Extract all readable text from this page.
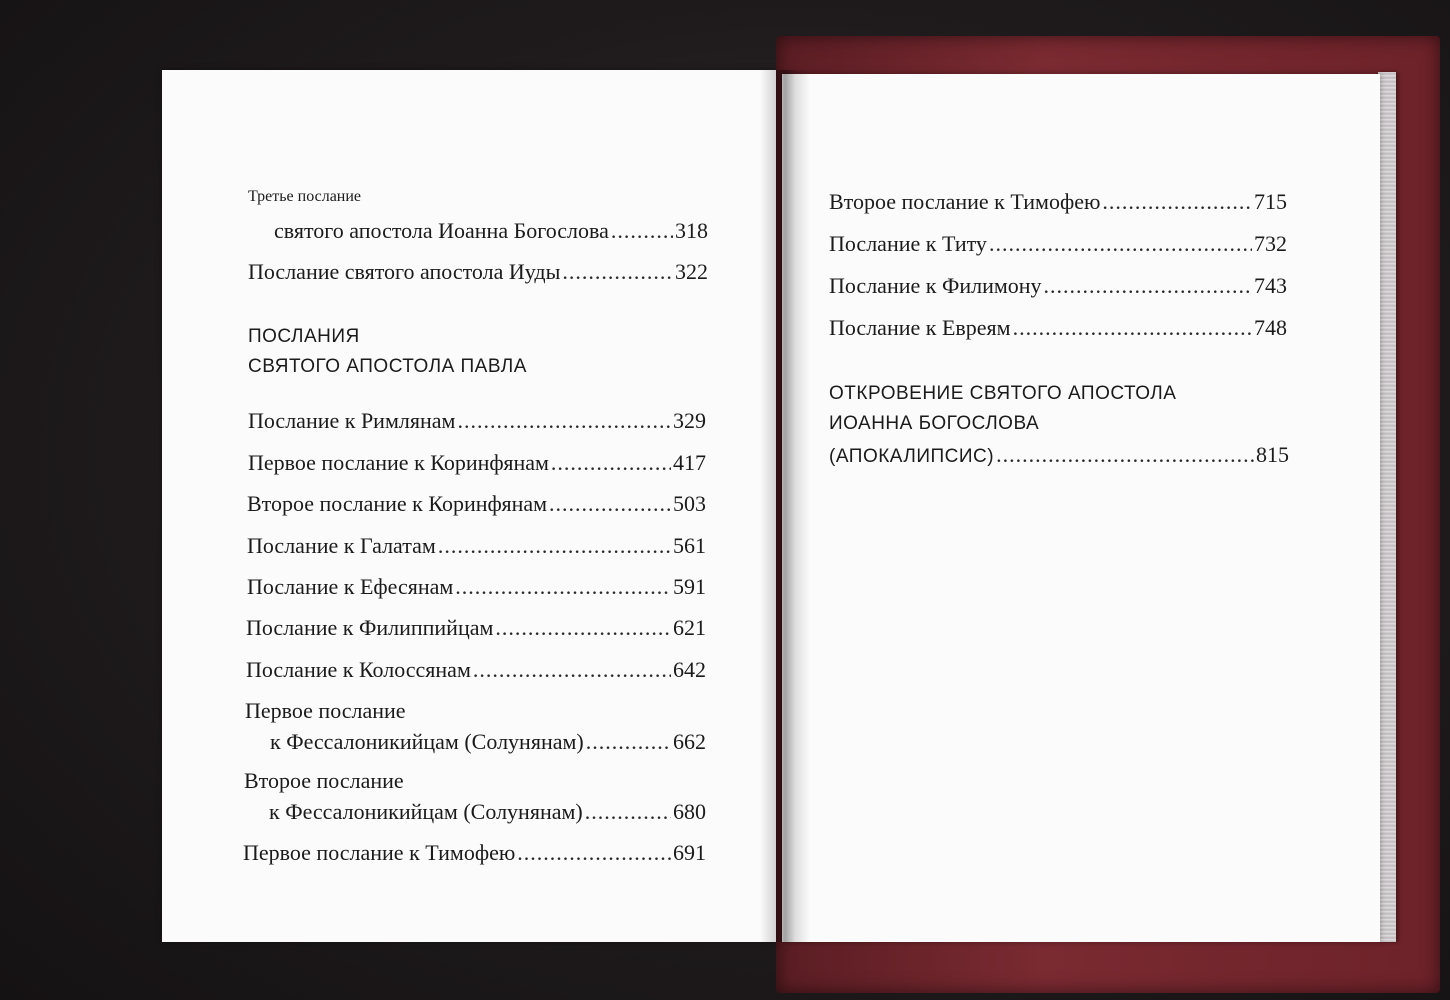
Третье послание
святого апостола Иоанна Богослова .....	318
Послание святого апостола Иуды .....	322
ПОСЛАНИЯ
СВЯТОГО АПОСТОЛА ПАВЛА
Послание к Римлянам .....	329
Первое послание к Коринфянам .....	417
Второе послание к Коринфянам .....	503
Послание к Галатам .....	561
Послание к Ефесянам .....	591
Послание к Филиппийцам .....	621
Послание к Колоссянам .....	642
Первое послание
к Фессалоникийцам (Солунянам) .....	662
Второе послание
к Фессалоникийцам (Солунянам) .....	680
Первое послание к Тимофею .....	691
Второе послание к Тимофею .....	715
Послание к Титу .....	732
Послание к Филимону .....	743
Послание к Евреям .....	748
ОТКРОВЕНИЕ СВЯТОГО АПОСТОЛА
ИОАННА БОГОСЛОВА
(АПОКАЛИПСИС) .....	815
